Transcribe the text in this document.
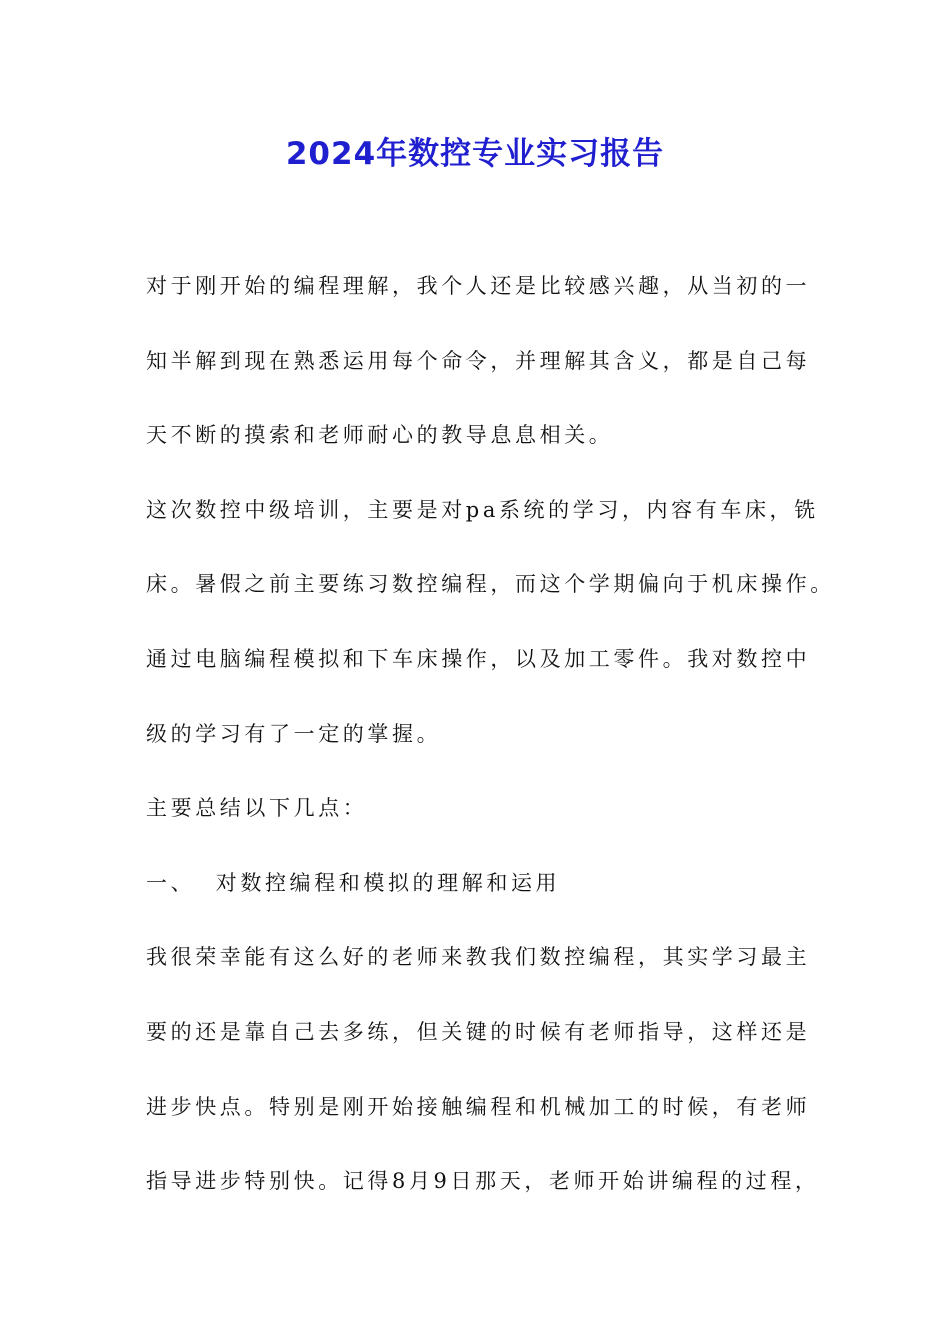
2024年数控专业实习报告
对于刚开始的编程理解，我个人还是比较感兴趣，从当初的一
知半解到现在熟悉运用每个命令，并理解其含义，都是自己每
天不断的摸索和老师耐心的教导息息相关。
这次数控中级培训，主要是对pa系统的学习，内容有车床，铣
床。暑假之前主要练习数控编程，而这个学期偏向于机床操作。
通过电脑编程模拟和下车床操作，以及加工零件。我对数控中
级的学习有了一定的掌握。
主要总结以下几点：
一、  对数控编程和模拟的理解和运用
我很荣幸能有这么好的老师来教我们数控编程，其实学习最主
要的还是靠自己去多练，但关键的时候有老师指导，这样还是
进步快点。特别是刚开始接触编程和机械加工的时候，有老师
指导进步特别快。记得8月9日那天，老师开始讲编程的过程，
